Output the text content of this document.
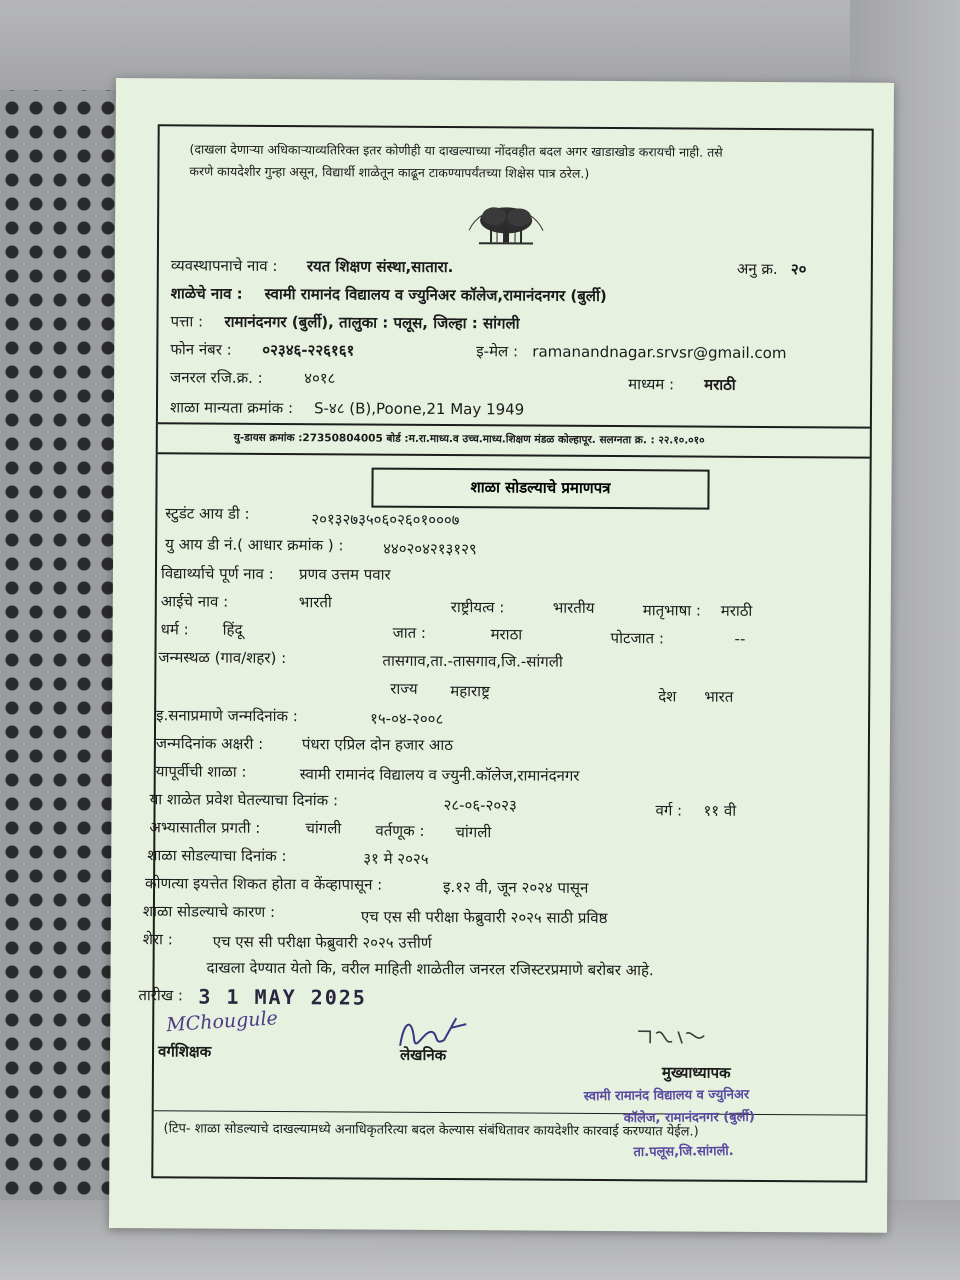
(दाखला देणाऱ्या अधिकाऱ्याव्यतिरिक्त इतर कोणीही या दाखल्याच्या नोंदवहीत बदल अगर खाडाखोड करायची नाही. तसे
करणे कायदेशीर गुन्हा असून, विद्यार्थी शाळेतून काढून टाकण्यापर्यंतच्या शिक्षेस पात्र ठरेल.)
व्यवस्थापनाचे नाव : रयत शिक्षण संस्था,सातारा.	अनु क्र. २०
शाळेचे नाव : स्वामी रामानंद विद्यालय व ज्युनिअर कॉलेज,रामानंदनगर (बुर्ली)
पत्ता : रामानंदनगर (बुर्ली), तालुका : पलूस, जिल्हा : सांगली
फोन नंबर : ०२३४६-२२६१६१	इ-मेल : ramanandnagar.srvsr@gmail.com
जनरल रजि.क्र. :	४०१८	माध्यम : मराठी
शाळा मान्यता क्रमांक : S-४८ (B),Poone,21 May 1949
यु-डायस क्रमांक :27350804005 बोर्ड :म.रा.माध्य.व उच्च.माध्य.शिक्षण मंडळ कोल्हापूर. सलग्नता क्र. : २२.१०.०१०
शाळा सोडल्याचे प्रमाणपत्र
स्टुडंट आय डी :	२०१३२७३५०६०२६०१०००७
यु आय डी नं.( आधार क्रमांक ) :	४४०२०४२१३१२९
विद्यार्थ्याचे पूर्ण नाव : प्रणव उत्तम पवार
आईचे नाव :	भारती	राष्ट्रीयत्व :	भारतीय	मातृभाषा : मराठी
धर्म : हिंदू	जात :	मराठा	पोटजात :	--
जन्मस्थळ (गाव/शहर) :	तासगाव,ता.-तासगाव,जि.-सांगली
राज्य महाराष्ट्र	देश भारत
इ.सनाप्रमाणे जन्मदिनांक :	१५-०४-२००८
जन्मदिनांक अक्षरी :	पंधरा एप्रिल दोन हजार आठ
यापूर्वीची शाळा :	स्वामी रामानंद विद्यालय व ज्युनी.कॉलेज,रामानंदनगर
या शाळेत प्रवेश घेतल्याचा दिनांक :	२८-०६-२०२३	वर्ग : ११ वी
अभ्यासातील प्रगती :	चांगली वर्तणूक : चांगली
शाळा सोडल्याचा दिनांक :	३१ मे २०२५
कोणत्या इयत्तेत शिकत होता व केंव्हापासून :	इ.१२ वी, जून २०२४ पासून
शाळा सोडल्याचे कारण :	एच एस सी परीक्षा फेब्रुवारी २०२५ साठी प्रविष्ठ
शेरा :	एच एस सी परीक्षा फेब्रुवारी २०२५ उत्तीर्ण
दाखला देण्यात येतो कि, वरील माहिती शाळेतील जनरल रजिस्टरप्रमाणे बरोबर आहे.
तारीख : 3 1 MAY 2025
MChougule
वर्गशिक्षक	लेखनिक
मुख्याध्यापक
स्वामी रामानंद विद्यालय व ज्युनिअर
(टिप- शाळा सोडल्याचे दाखल्यामध्ये अनाधिकृतरित्या बदल केल्यास संबंधितावर कायदेशीर कारवाई करण्यात येईल.)
कॉलेज, रामानंदनगर (बुर्ली)
ता.पलूस,जि.सांगली.
